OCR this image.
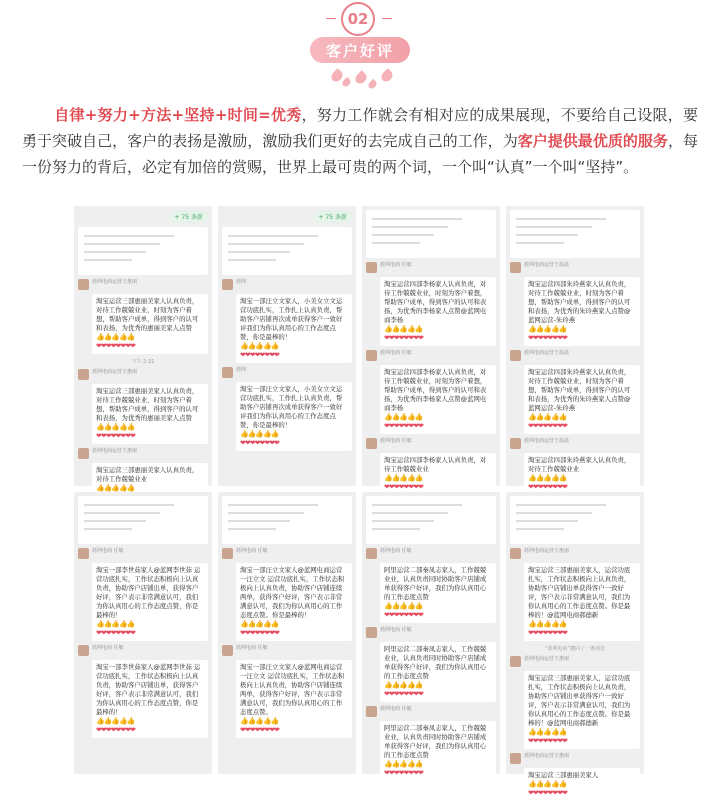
02
客户好评
自律+努力+方法+坚持+时间=优秀，努力工作就会有相对应的成果展现，不要给自己设限，要勇于突破自己，客户的表扬是激励，激励我们更好的去完成自己的工作，为客户提供最优质的服务，每一份努力的背后，必定有加倍的赏赐，世界上最可贵的两个词，一个叫“认真”一个叫“坚持”。
+ 75 条新
蓝网电商运营王惠丽
淘宝运营三部惠丽美家人认真负责，对待工作兢兢业业，时刻为客户着想，帮助客户成单，得到客户的认可和表扬，为优秀的惠丽美家人点赞
👍👍👍👍👍
❤❤❤❤❤❤❤❤
下午 2:31
蓝网电商运营王惠丽
淘宝运营三部惠丽美家人认真负责，对待工作兢兢业业，时刻为客户着想，帮助客户成单，得到客户的认可和表扬，为优秀的惠丽美家人点赞
👍👍👍👍👍
❤❤❤❤❤❤❤❤
蓝网电商运营王惠丽
淘宝运营三部惠丽美家人认真负责，对待工作兢兢业业
👍👍👍👍👍

+ 75 条新
蓝网
淘宝一部汪立文家人，小美女立文运营功底扎实，工作扎上认真负责，帮助客户店铺再次成单获得客户一致好评我们为你认真用心的工作态度点赞，你是最棒的！
👍👍👍👍👍
❤❤❤❤❤❤❤❤
蓝网
淘宝一部汪立文家人，小美女立文运营功底扎实，工作扎上认真负责，帮助客户店铺再次成单获得客户一致好评我们为你认真用心的工作态度点赞，你是最棒的！
👍👍👍👍👍
❤❤❤❤❤❤❤❤
蓝网电商 任敏
淘宝运营四部李杨家人认真负责，对待工作兢兢业业，时刻为客户着想，帮助客户成单，得到客户的认可和表扬，为优秀的李杨家人点赞@蓝网电商李杨
👍👍👍👍👍
❤❤❤❤❤❤❤❤
蓝网电商 任敏
淘宝运营四部李杨家人认真负责，对待工作兢兢业业，时刻为客户着想，帮助客户成单，得到客户的认可和表扬，为优秀的李杨家人点赞@蓝网电商李杨
👍👍👍👍👍
❤❤❤❤❤❤❤❤
蓝网电商 任敏
淘宝运营四部李杨家人认真负责，对待工作兢兢业业
👍👍👍👍👍
❤❤❤❤❤❤❤❤
蓝网电商运营于晨晨
淘宝运营四部朱玲燕家人认真负责，对待工作兢兢业业，时刻为客户着想，帮助客户成单，得到客户的认可和表扬，为优秀的朱玲燕家人点赞@蓝网运营-朱玲燕
👍👍👍👍👍
❤❤❤❤❤❤❤❤
蓝网电商运营于晨晨
淘宝运营四部朱玲燕家人认真负责，对待工作兢兢业业，时刻为客户着想，帮助客户成单，得到客户的认可和表扬，为优秀的朱玲燕家人点赞@蓝网运营-朱玲燕
👍👍👍👍👍
❤❤❤❤❤❤❤❤
蓝网电商运营于晨晨
淘宝运营四部朱玲燕家人认真负责，对待工作兢兢业业
👍👍👍👍👍
❤❤❤❤❤❤❤❤
蓝网电商 任敏
淘宝一部李世茹家人@蓝网李世茹 运营功底扎实，工作状态积极向上认真负责，协助客户店铺出单，获得客户好评，客户表示非常满意认可，我们为你认真用心的工作态度点赞，你是最棒的！
👍👍👍👍👍
❤❤❤❤❤❤❤❤
蓝网电商 任敏
淘宝一部李世茹家人@蓝网李世茹 运营功底扎实，工作状态积极向上认真负责，协助客户店铺出单，获得客户好评，客户表示非常满意认可，我们为你认真用心的工作态度点赞，你是最棒的！
👍👍👍👍👍
❤❤❤❤❤❤❤❤
蓝网电商 任敏
淘宝一部汪立文家人@蓝网电商运营一汪立文 运营功底扎实，工作状态积极向上认真负责，协助客户店铺连续两单，获得客户好评，客户表示非常满意认可，我们为你认真用心的工作态度点赞。你是最棒的！
👍👍👍👍👍
❤❤❤❤❤❤❤❤
蓝网电商 任敏
淘宝一部汪立文家人@蓝网电商运营一汪立文 运营功底扎实，工作状态积极向上认真负责，协助客户店铺连续两单，获得客户好评，客户表示非常满意认可，我们为你认真用心的工作态度点赞。
👍👍👍👍👍
❤❤❤❤❤❤❤❤
蓝网电商 任敏
阿里运营二部秦凤志家人，工作兢兢业业，认真负责同时协助客户店铺成单获得客户好评，我们为你认真用心的工作态度点赞
👍👍👍👍👍
❤❤❤❤❤❤❤❤
蓝网电商 任敏
阿里运营二部秦凤志家人，工作兢兢业业，认真负责同时协助客户店铺成单获得客户好评，我们为你认真用心的工作态度点赞
👍👍👍👍👍
❤❤❤❤❤❤❤❤
蓝网电商 任敏
阿里运营二部秦凤志家人，工作兢兢业业，认真负责同时协助客户店铺成单获得客户好评，我们为你认真用心的工作态度点赞
👍👍👍👍👍
❤❤❤❤❤❤❤❤
蓝网电商运营王惠丽
淘宝运营三部惠丽美家人，运营功底扎实，工作状态积极向上认真负责，协助客户店铺出单获得客户一致好评，客户表示非常满意认可，我们为你认真用心的工作态度点赞。你是最棒的！@蓝网电商郝德新
👍👍👍👍👍
❤❤❤❤❤❤❤❤
“蓝网电商”撤回了一条消息
蓝网电商运营王惠丽
淘宝运营三部惠丽美家人，运营功底扎实，工作状态积极向上认真负责，协助客户店铺出单获得客户一致好评，客户表示非常满意认可，我们为你认真用心的工作态度点赞。你是最棒的！@蓝网电商郝德新
👍👍👍👍👍
❤❤❤❤❤❤❤❤
蓝网电商运营王惠丽
淘宝运营三部惠丽美家人
👍👍👍👍👍
❤❤❤❤❤❤❤❤
